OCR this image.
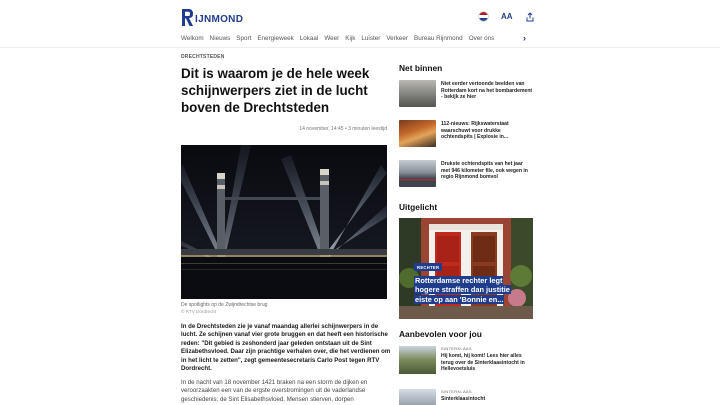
IJNMOND	AA
Welkom Nieuws Sport Energieweek Lokaal Weer Kijk Luister Verkeer Bureau Rijnmond Over ons	›
DRECHTSTEDEN
Dit is waarom je de hele week schijnwerpers ziet in de lucht boven de Drechtsteden
14 november, 14:45 • 3 minuten leestijd
De spotlights op de Zwijndrechtse brug
© RTV Dordrecht

In de Drechtsteden zie je vanaf maandag allerlei schijnwerpers in de lucht. Ze schijnen vanaf vier grote bruggen en dat heeft een historische reden: "Dit gebied is zeshonderd jaar geleden ontstaan uit de Sint Elizabethsvloed. Daar zijn prachtige verhalen over, die het verdienen om in het licht te zetten", zegt gemeentesecretaris Carlo Post tegen RTV Dordrecht.

In de nacht van 18 november 1421 braken na een storm de dijken en veroorzaakten een van de ergste overstromingen uit de vaderlandse geschiedenis; de Sint Elisabethsvloed. Mensen stierven, dorpen

Net binnen
Niet eerder vertoonde beelden van Rotterdam kort na het bombardement - bekijk ze hier
112-nieuws: Rijkswaterstaat waarschuwt voor drukke ochtendspits | Explosie in...
Drukste ochtendspits van het jaar met 946 kilometer file, ook wegen in regio Rijnmond bomvol
Uitgelicht
RECHTER
Rotterdamse rechter legt hogere straffen dan justitie eiste op aan 'Bonnie en...
Aanbevolen voor jou
SINTERKLAAS
Hij komt, hij komt! Lees hier alles terug over de Sinterklaasintocht in Hellevoetsluis
SINTERKLAAS
Sinterklaasintocht
